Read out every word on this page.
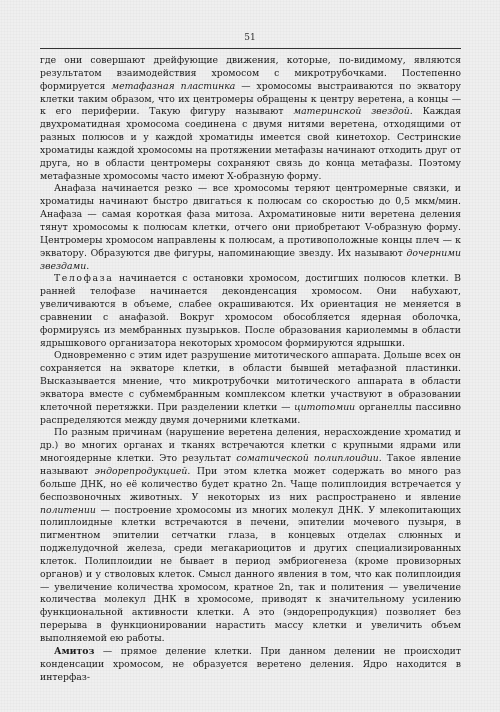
51

где они совершают дрейфующие движения, которые, по-видимому, являются результатом взаимодействия хромосом с микротрубочками. Постепенно формируется метафазная пластинка — хромосомы выстраиваются по экватору клетки таким образом, что их центромеры обращены к центру веретена, а концы — к его периферии. Такую фигуру называют материнской звездой. Каждая двухроматидная хромосома соединена с двумя нитями веретена, отходящими от разных полюсов и у каждой хроматиды имеется свой кинетохор. Сестринские хроматиды каждой хромосомы на протяжении метафазы начинают отходить друг от друга, но в области центромеры сохраняют связь до конца метафазы. Поэтому метафазные хромосомы часто имеют X-образную форму.

Анафаза начинается резко — все хромосомы теряют центромерные связки, и хроматиды начинают быстро двигаться к полюсам со скоростью до 0,5 мкм/мин. Анафаза — самая короткая фаза митоза. Ахроматиновые нити веретена деления тянут хромосомы к полюсам клетки, отчего они приобретают V-образную форму. Центромеры хромосом направлены к полюсам, а противоположные концы плеч — к экватору. Образуются две фигуры, напоминающие звезду. Их называют дочерними звездами.

Телофаза начинается с остановки хромосом, достигших полюсов клетки. В ранней телофазе начинается деконденсация хромосом. Они набухают, увеличиваются в объеме, слабее окрашиваются. Их ориентация не меняется в сравнении с анафазой. Вокруг хромосом обособляется ядерная оболочка, формируясь из мембранных пузырьков. После образования кариолеммы в области ядрышкового организатора некоторых хромосом формируются ядрышки.

Одновременно с этим идет разрушение митотического аппарата. Дольше всех он сохраняется на экваторе клетки, в области бывшей метафазной пластинки. Высказывается мнение, что микротрубочки митотического аппарата в области экватора вместе с субмембранным комплексом клетки участвуют в образовании клеточной перетяжки. При разделении клетки — цитотомии органеллы пассивно распределяются между двумя дочерними клетками.

По разным причинам (нарушение веретена деления, нерасхождение хроматид и др.) во многих органах и тканях встречаются клетки с крупными ядрами или многоядерные клетки. Это результат соматической полиплоидии. Такое явление называют эндорепродукцией. При этом клетка может содержать во много раз больше ДНК, но её количество будет кратно 2n. Чаще полиплоидия встречается у беспозвоночных животных. У некоторых из них распространено и явление политении — построение хромосомы из многих молекул ДНК. У млекопитающих полиплоидные клетки встречаются в печени, эпителии мочевого пузыря, в пигментном эпителии сетчатки глаза, в концевых отделах слюнных и поджелудочной железа, среди мегакариоцитов и других специализированных клеток. Полиплоидии не бывает в период эмбриогенеза (кроме провизорных органов) и у стволовых клеток. Смысл данного явления в том, что как полиплоидия — увеличение количества хромосом, кратное 2n, так и политения — увеличение количества молекул ДНК в хромосоме, приводят к значительному усилению функциональной активности клетки. А это (эндорепродукция) позволяет без перерыва в функционировании нарастить массу клетки и увеличить объем выполняемой ею работы.

Амитоз — прямое деление клетки. При данном делении не происходит конденсации хромосом, не образуется веретено деления. Ядро находится в интерфаз-
